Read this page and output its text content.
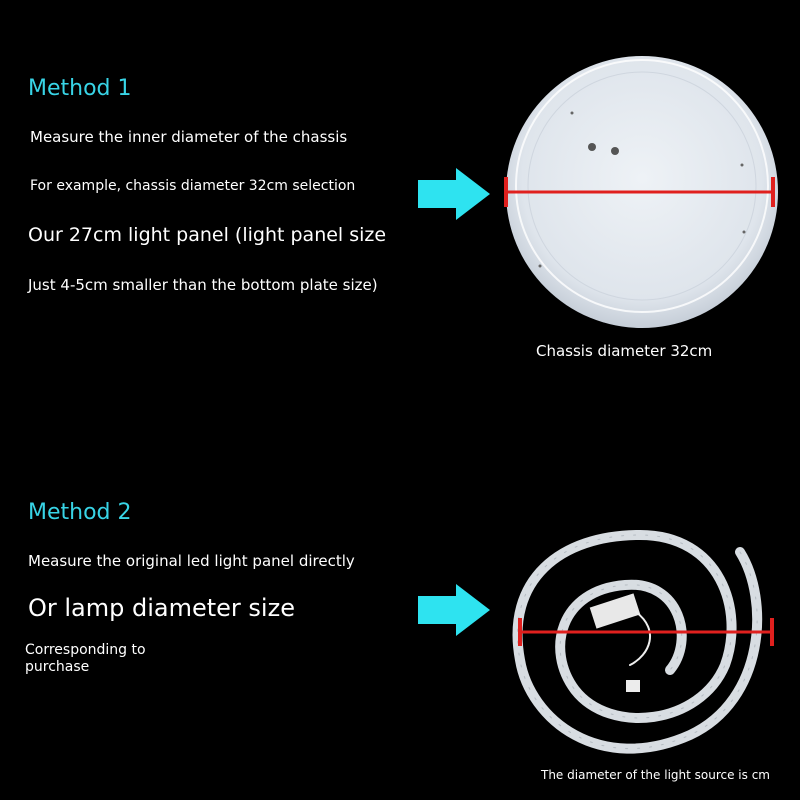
Method 1
Measure the inner diameter of the chassis
For example, chassis diameter 32cm selection
Our 27cm light panel (light panel size
Just 4-5cm smaller than the bottom plate size)
Chassis diameter 32cm
Method 2
Measure the original led light panel directly
Or lamp diameter size
Corresponding to
purchase
The diameter of the light source is cm
